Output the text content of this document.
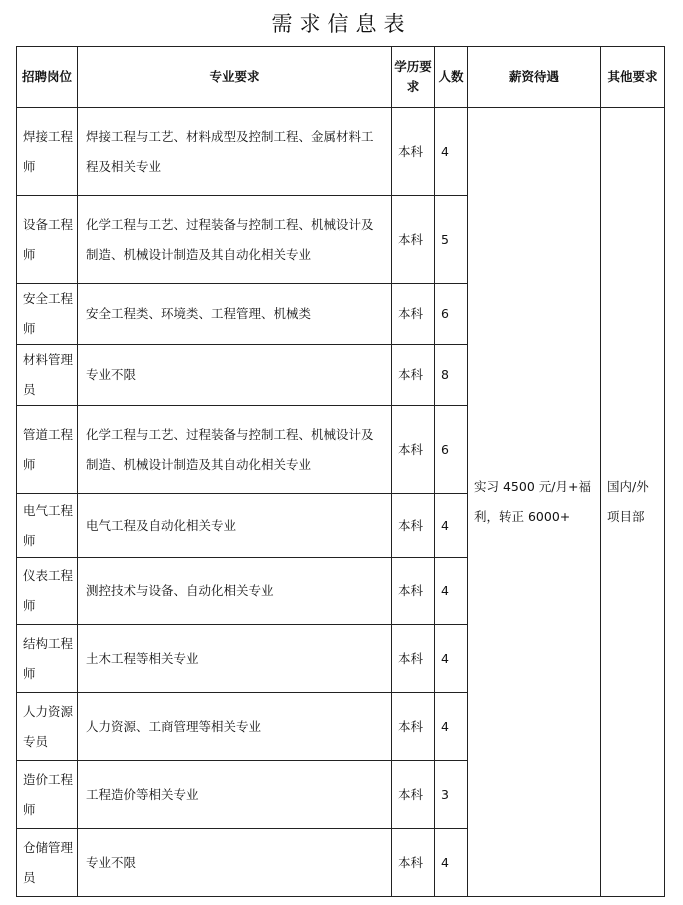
需求信息表
招聘岗位	专业要求	学历要求	人数	薪资待遇	其他要求
焊接工程师	焊接工程与工艺、材料成型及控制工程、金属材料工程及相关专业	本科	4	实习 4500 元/月+福利，转正 6000+	国内/外项目部
设备工程师	化学工程与工艺、过程装备与控制工程、机械设计及制造、机械设计制造及其自动化相关专业	本科	5		
安全工程师	安全工程类、环境类、工程管理、机械类	本科	6		
材料管理员	专业不限	本科	8		
管道工程师	化学工程与工艺、过程装备与控制工程、机械设计及制造、机械设计制造及其自动化相关专业	本科	6		
电气工程师	电气工程及自动化相关专业	本科	4		
仪表工程师	测控技术与设备、自动化相关专业	本科	4		
结构工程师	土木工程等相关专业	本科	4		
人力资源专员	人力资源、工商管理等相关专业	本科	4		
造价工程师	工程造价等相关专业	本科	3		
仓储管理员	专业不限	本科	4		
